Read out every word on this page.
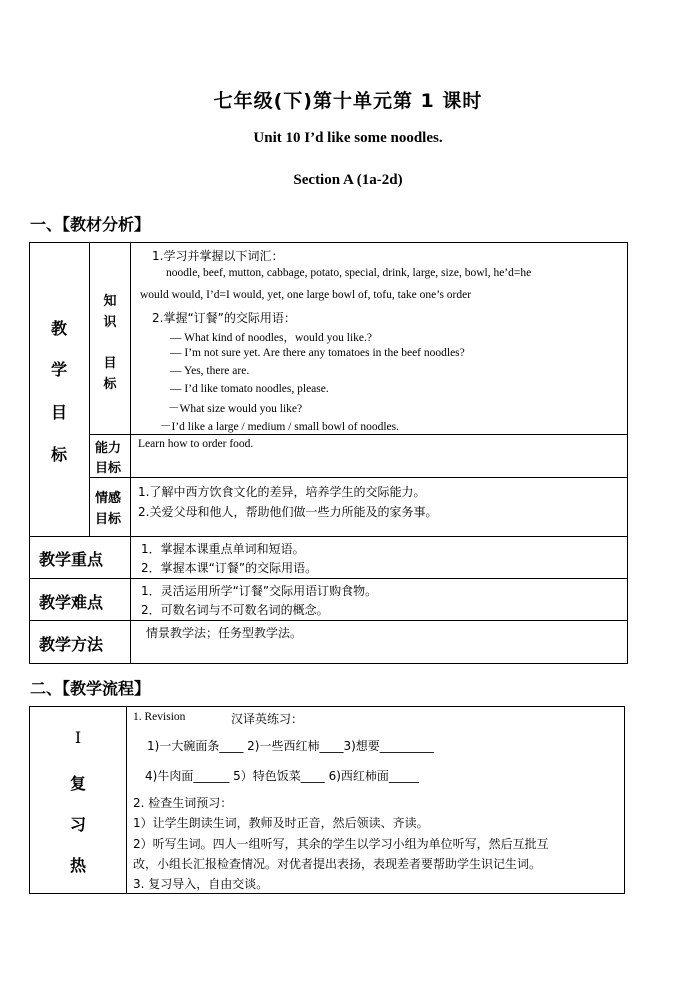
七年级(下)第十单元第 1 课时
Unit 10 I’d like some noodles.
Section A (1a-2d)
一、【教材分析】
教
学
目
标
知
识
目
标
1.学习并掌握以下词汇：
noodle, beef, mutton, cabbage, potato, special, drink, large, size, bowl, he’d=he
would would, I’d=I would, yet, one large bowl of, tofu, take one’s order
2.掌握“订餐”的交际用语：
— What kind of noodles，would you like.?
— I’m not sure yet. Are there any tomatoes in the beef noodles?
— Yes, there are.
— I’d like tomato noodles, please.
－What size would you like?
－I’d like a large / medium / small bowl of noodles.
能力
目标
Learn how to order food.
情感
目标
1.了解中西方饮食文化的差异，培养学生的交际能力。
2.关爱父母和他人，帮助他们做一些力所能及的家务事。
教学重点
1．掌握本课重点单词和短语。
2．掌握本课“订餐”的交际用语。
教学难点
1．灵活运用所学“订餐”交际用语订购食物。
2．可数名词与不可数名词的概念。
教学方法
情景教学法；任务型教学法。
二、【教学流程】
Ⅰ
复
习
热
1. Revision	汉译英练习：
1)一大碗面条____ 2)一些西红柿____3)想要_________
4)牛肉面______ 5）特色饭菜____ 6)西红柿面_____
2. 检查生词预习：
1）让学生朗读生词，教师及时正音，然后领读、齐读。
2）听写生词。四人一组听写，其余的学生以学习小组为单位听写，然后互批互
改，小组长汇报检查情况。对优者提出表扬，表现差者要帮助学生识记生词。
3. 复习导入，自由交谈。
